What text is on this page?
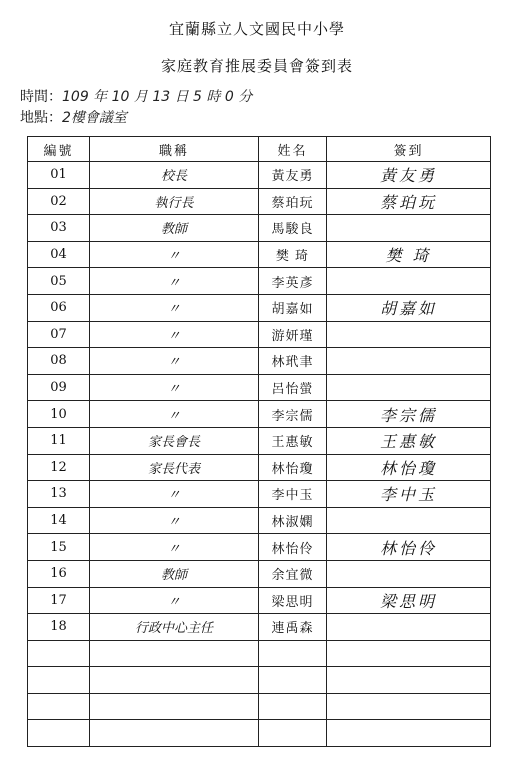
宜蘭縣立人文國民中小學
家庭教育推展委員會簽到表
時間：109 年 10 月 13 日 5 時 0 分
地點：2樓會議室
編號	職稱	姓名	簽到
01	校長	黃友勇	黃友勇
02	執行長	蔡珀玩	蔡珀玩
03	教師	馬駿良	
04	〃	樊 琦	樊 琦
05	〃	李英彥	
06	〃	胡嘉如	胡嘉如
07	〃	游妍瑾	
08	〃	林玳聿	
09	〃	呂怡螢	
10	〃	李宗儒	李宗儒
11	家長會長	王惠敏	王惠敏
12	家長代表	林怡瓊	林怡瓊
13	〃	李中玉	李中玉
14	〃	林淑嫻	
15	〃	林怡伶	林怡伶
16	教師	余宜微	
17	〃	梁思明	梁思明
18	行政中心主任	連禹森	
